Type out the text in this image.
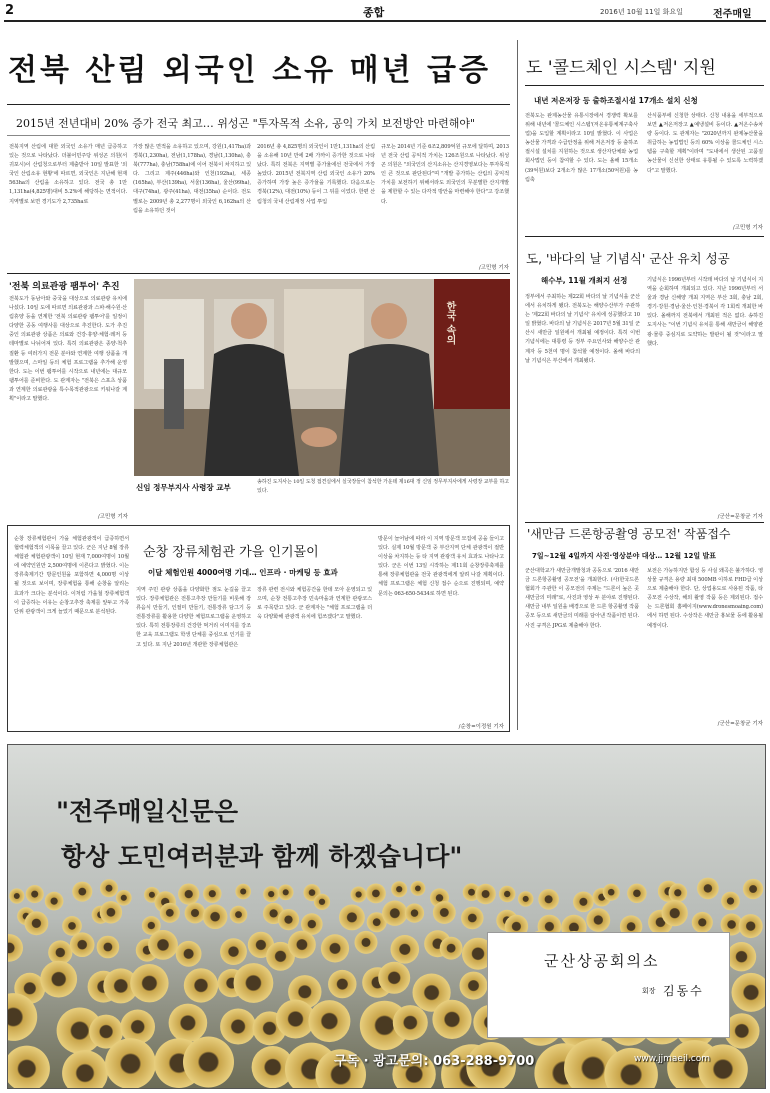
2	종합	2016년 10월 11일 화요일	전주매일
전북 산림 외국인 소유 매년 급증
2015년 전년대비 20% 증가 전국 최고… 위성곤 "투자목적 소유, 공익 가치 보전방안 마련해야"
전북지역 산림에 대한 외국인 소유가 매년 급증하고 있는 것으로 나타났다. 더불어민주당 위성곤 의원(서귀포시)이 산림청으로부터 제출받아 10일 발표한 '외국인 산림소유 현황'에 따르면, 외국인은 지난해 현재 563ha의 산림을 소유하고 있다. 전국 총 1만1,131ha(4,825명)대비 5.2%에 해당하는 면적이다. 지역별로 보면 경기도가 2,735ha로
가장 많은 면적을 소유하고 있으며, 강원(1,417ha)과 경북(1,230ha), 전남(1,178ha), 경남(1,130ha), 충북(777ha), 충남(758ha)에 이어 전북이 차지하고 있다. 그리고 제주(446ha)와 인천(192ha), 세종(165ha), 부산(139ha), 서울(136ha), 울산(99ha), 대구(74ha), 광주(41ha), 대전(35ha) 순이다. 전도별로는 2009년 총 2,277명이 외국인 6,162ha의 산림을 소유하던 것이
2016년 총 4,825명의 외국인이 1만1,131ha의 산림을 소유해 10년 만에 2배 가까이 증가한 것으로 나타났다. 특히 전북은 지역별 증가율에선 전국에서 가장 높았다. 2015년 전북지역 산림 외국인 소유가 20% 증가하며 가장 높은 증가율을 기록했다. 다음으로는 경북(12%), 대전(10%) 등이 그 뒤를 이었다. 한편 산림청의 국내 산림재정 사업 투입
규모는 2014년 기준 6조2,809억원 규모에 달하며, 2013년 전국 산림 공익적 가치는 126조원으로 나타났다. 위성곤 의원은 "외국인의 산지소유는 산지경영보다는 투자목적인 큰 것으로 판단된다"며 "개발 증가하는 산림의 공익적 가치를 보전하기 위해서라도 외국인의 무분별한 산지개발을 제한할 수 있는 다각적 방안을 마련해야 한다"고 강조했다.
/고민형 기자
'전북 의료관광 팸투어' 추진
전북도가 동남아와 중국을 대상으로 의료관광 유치에 나섰다. 10일 도에 따르면 의료관광과 스파·해수원·산림휴양 등을 연계한 '전북 의료관광 팸투어'를 일정이 다양한 공동 여행사를 대상으로 추진한다. 도가 추진 중인 의료관광 상품은 의료와 건강·휴양·체험·레저 등 테마별로 나뉘어져 있다. 특히 의료관광은 종양·척추질환 등 여러가지 전문 분야와 연계한 여행 상품을 개발했으며, 스마일 등의 체험 프로그램을 추가해 운영한다. 도는 이번 팸투어를 시작으로 내년에는 대규모 팸투어를 준비한다. 도 관계자는 "전북은 스포츠 상품과 연계한 의료관광을 특수목적관광으로 키워나갈 계획"이라고 말했다.
/고민형 기자
한국 속의
신임 정무부지사 사령장 교부
송하진 도지사는 10일 도청 접견실에서 실국장들이 참석한 가운데 제16대 정 신임 정무부지사에게 사령장 교부를 하고 있다.
도 '콜드체인 시스템' 지원
내년 저온저장 등 출하조절시설 17개소 설치 신청
전북도는 완제농산물 유통시장에서 경쟁력 확보를 위해 내년에 '콜드체인 시스템'(저온유통체계구축사업)을 도입할 계획이라고 10일 밝혔다. 이 사업은 농산물 가격과 수급안정을 위해 저온저장 등 출하조절시설 설치를 지원하는 것으로 생산자단체와 농업회사법인 등이 참여할 수 있다. 도는 올해 15개소(39억원)보다 2개소가 많은 17개소(50억원)를 농림축
산식품부에 신청한 상태다. 신청 내용을 세부적으로 보면 ▲저온저장고 ▲예냉설비 등이다. ▲저온수송차량 등이다. 도 관계자는 "2020년까지 완제농산물을 취급하는 농업법인 등의 60% 이상을 콜드체인 시스템을 구축할 계획"이라며 "도내에서 생산된 고품질 농산물이 신선한 상태로 유통될 수 있도록 노력하겠다"고 말했다.
/고민형 기자
도, '바다의 날 기념식' 군산 유치 성공
해수부, 11월 개최지 선정
정부에서 주최하는 제22회 바다의 날 기념식을 군산에서 유치하게 됐다. 전북도는 해양수산부가 주관하는 '제22회 바다의 날 기념식' 유치에 성공했다고 10일 밝혔다. 바다의 날 기념식은 2017년 5월 31일 군산시 새만금 일원에서 개최될 예정이다. 특히 이번 기념식에는 대통령 등 정부 주요인사와 해양수산 관계자 등 5천여 명이 참석할 예정이다. 올해 바다의 날 기념식은 부산에서 개최됐다.
기념식은 1996년부터 시작돼 바다의 날 기념식이 지역을 순회하며 개최되고 있다. 지난 1996년부터 서울과 경남 신해양 개최 지역은 부산 3회, 충남 2회, 경기·강원·경남·울산·인천·경북이 각 1회씩 개최한 바 있다. 올해까지 전북에서 개최된 적은 없다. 송하진 도지사는 "이번 기념식 유치를 통해 새만금이 해양관광·물류 중심지로 도약하는 발판이 될 것"이라고 말했다.
/군산=문창균 기자
'새만금 드론항공촬영 공모전' 작품접수
7일~12월 4일까지 사진·영상분야 대상… 12월 12일 발표
군산대학교가 새만금개발청과 공동으로 '2016 새만금 드론항공촬영 공모전'을 개최한다. (사)한국드론협회가 주관한 이 공모전의 주제는 "드론이 높은 곳 새만금의 미래"로, 사진과 영상 두 분야로 진행된다. 새만금 내부 일원을 배경으로 한 드론 항공촬영 작품 공모 등으로 새만금의 미래를 담아낸 작품이면 된다. 사진 규격은 JPG로 제출해야 한다.
보전은 가능하지만 합성 등 사실 왜곡은 불가하다. 영상물 규격은 용량 최대 500MB 이하로 FHD급 이상으로 제출해야 한다. 단, 상업용도로 사용된 작품, 타 공모전 수상작, 해외 촬영 작품 등은 제외된다. 접수는 드론협회 홈페이지(www.dronesmoaing.com)에서 하면 된다. 수상작은 새만금 홍보물 등에 활용될 예정이다.
/군산=문창균 기자
순창 장류체험관이 가을 체험관광객이 급증하면서 협력체험객의 이목을 끌고 있다. 군은 지난 8월 장류체험관 체험관광객이 10일 현재 7,000여명이 10월에 예약인원만 2,500여명에 이른다고 밝혔다. 이는 장류축제기간 방문인원을 포함하면 4,000명 이상 될 것으로 보이며, 장류체험을 통해 순창을 알리는 효과가 크다는 분석이다. 이처럼 가을철 장류체험객이 급증하는 이유는 순창고추장 축제를 앞두고 가족 단위 관광객이 크게 늘었기 때문으로 분석된다.
순창 장류체험관 가을 인기몰이
이달 체험인원 4000여명 기대… 인프라 · 마케팅 등 효과
지역 주민 관광 상품을 다양화한 점도 눈길을 끌고 있다. 장류체험관은 전통고추장 만들기를 비롯해 장류음식 만들기, 인절미 만들기, 전통장류 담그기 등 전통장류를 활용한 다양한 체험프로그램을 운영하고 있다. 특히 전통장류의 건강한 먹거리 이미지를 강조한 교육 프로그램도 학생 단체를 중심으로 인기를 끌고 있다. 또 지난 2016년 개관한 장류체험관은
장류 관련 전시와 체험공간을 한데 모아 운영되고 있으며, 순창 전통고추장 민속마을과 연계한 관광코스로 주목받고 있다. 군 관계자는 "체험 프로그램을 더욱 다양화해 관광객 유치에 힘쓰겠다"고 말했다.
방문이 늘어남에 따라 이 지역 방문객 모집에 공을 들이고 있다. 실제 10월 방문객 중 부산지역 단체 관광객이 절반 이상을 차지하는 등 타 지역 관광객 유치 효과도 나타나고 있다. 군은 이번 13일 시작하는 제11회 순창장류축제를 통해 장류체험관을 전국 관광객에게 알려 나갈 계획이다. 체험 프로그램은 체험 신청 접수 순으로 진행되며, 예약 문의는 063-650-5434로 하면 된다.
/순창=이정원 기자
"전주매일신문은
항상 도민여러분과 함께 하겠습니다"
군산상공회의소
회장 김동수
구독 · 광고문의: 063-288-9700	www.jjmaeil.com
